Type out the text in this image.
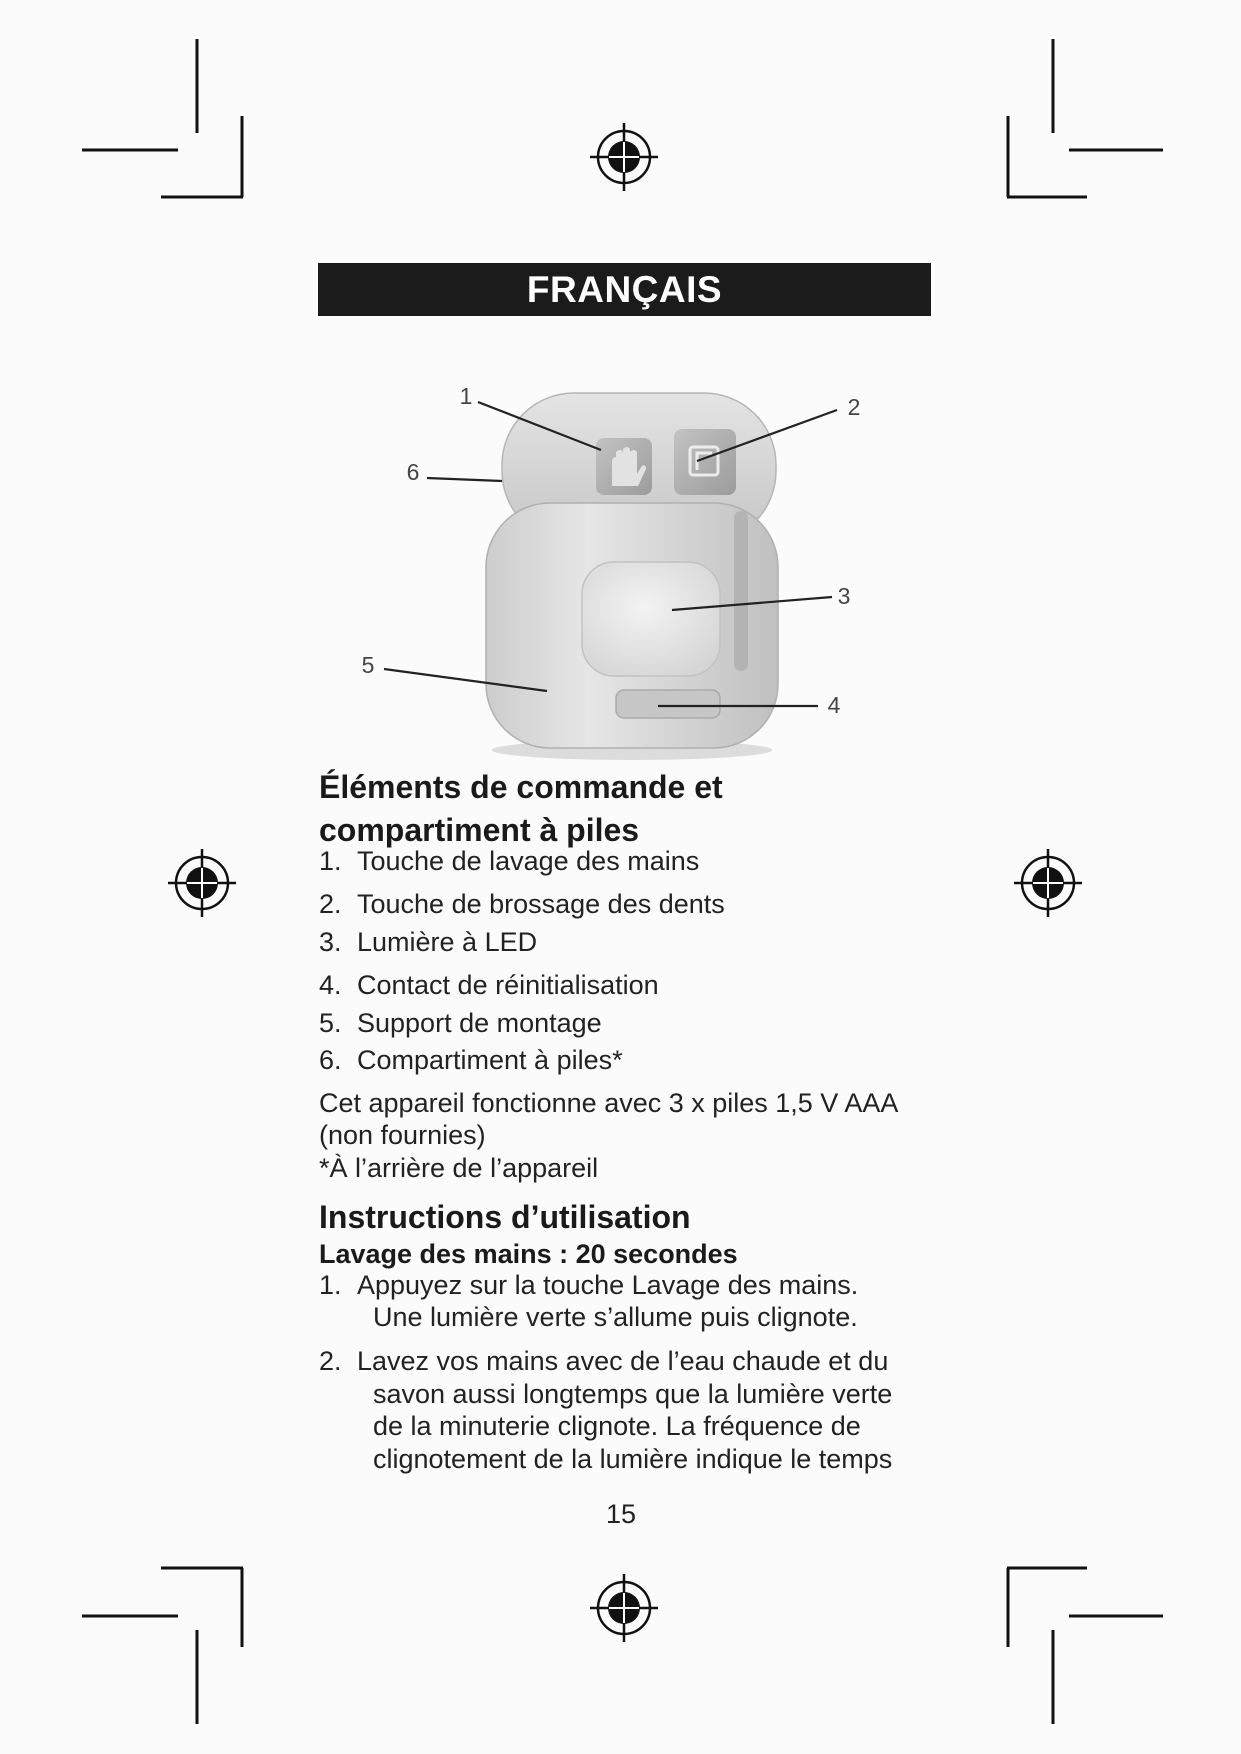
FRANÇAIS
1	2
3
4
5
6
Éléments de commande et
compartiment à piles
1. Touche de lavage des mains
2. Touche de brossage des dents
3. Lumière à LED
4. Contact de réinitialisation
5. Support de montage
6. Compartiment à piles*
Cet appareil fonctionne avec 3 x piles 1,5 V AAA
(non fournies)
*À l’arrière de l’appareil
Instructions d’utilisation
Lavage des mains : 20 secondes
1. Appuyez sur la touche Lavage des mains.
Une lumière verte s’allume puis clignote.
2. Lavez vos mains avec de l’eau chaude et du
savon aussi longtemps que la lumière verte
de la minuterie clignote. La fréquence de
clignotement de la lumière indique le temps
15
